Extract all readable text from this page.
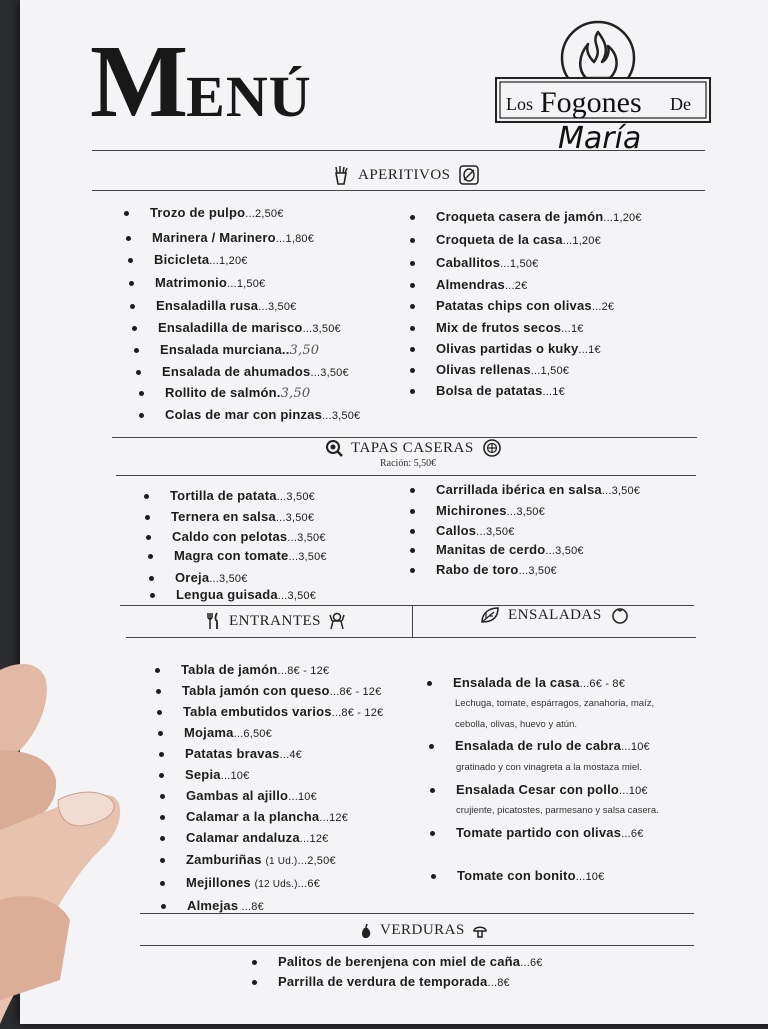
MENÚ	Los Fogones De
María
APERITIVOS
Trozo de pulpo...2,50€
Marinera / Marinero...1,80€
Bicicleta...1,20€
Matrimonio...1,50€
Ensaladilla rusa...3,50€
Ensaladilla de marisco...3,50€
Ensalada murciana..3,50
Ensalada de ahumados...3,50€
Rollito de salmón.3,50
Colas de mar con pinzas...3,50€
Croqueta casera de jamón...1,20€
Croqueta de la casa...1,20€
Caballitos...1,50€
Almendras...2€
Patatas chips con olivas...2€
Mix de frutos secos...1€
Olivas partidas o kuky...1€
Olivas rellenas...1,50€
Bolsa de patatas...1€
TAPAS CASERAS
Ración: 5,50€
Tortilla de patata...3,50€
Ternera en salsa...3,50€
Caldo con pelotas...3,50€
Magra con tomate...3,50€
Oreja...3,50€
Lengua guisada...3,50€
Carrillada ibérica en salsa...3,50€
Michirones...3,50€
Callos...3,50€
Manitas de cerdo...3,50€
Rabo de toro...3,50€
ENTRANTES	ENSALADAS
Tabla de jamón...8€ - 12€
Tabla jamón con queso...8€ - 12€
Tabla embutidos varios...8€ - 12€
Mojama...6,50€
Patatas bravas...4€
Sepia...10€
Gambas al ajillo...10€
Calamar a la plancha...12€
Calamar andaluza...12€
Zamburiñas (1 Ud.)...2,50€
Mejillones (12 Uds.)...6€
Almejas ...8€
Ensalada de la casa...6€ - 8€
Lechuga, tomate, espárragos, zanahoria, maíz,
cebolla, olivas, huevo y atún.
Ensalada de rulo de cabra...10€
gratinado y con vinagreta a la mostaza miel.
Ensalada Cesar con pollo...10€
crujiente, picatostes, parmesano y salsa casera.
Tomate partido con olivas...6€
Tomate con bonito...10€
VERDURAS
Palitos de berenjena con miel de caña...6€
Parrilla de verdura de temporada...8€
